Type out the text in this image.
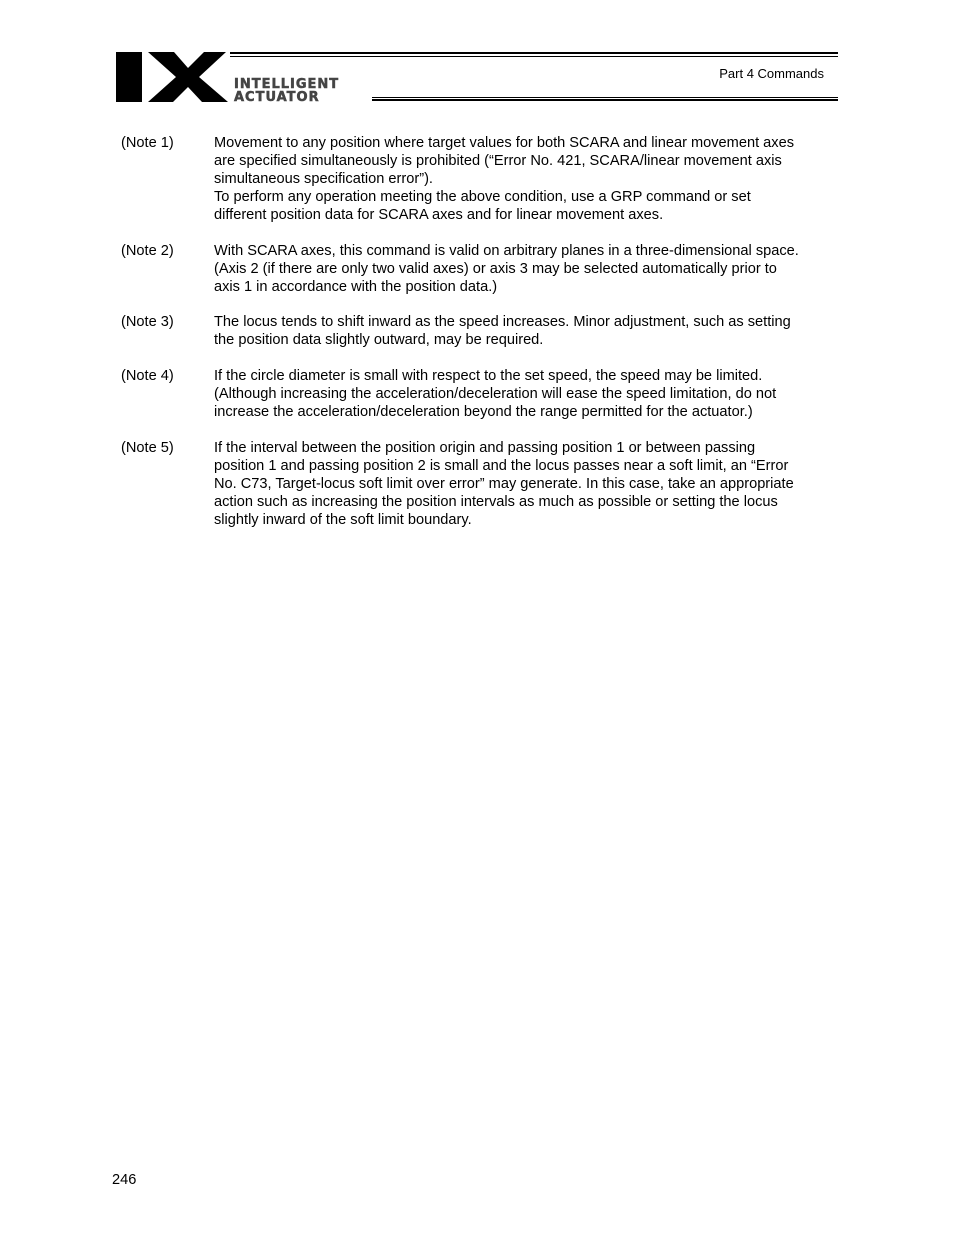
INTELLIGENT
ACTUATOR
Part 4 Commands
(Note 1)	Movement to any position where target values for both SCARA and linear movement axes
are specified simultaneously is prohibited (“Error No. 421, SCARA/linear movement axis
simultaneous specification error”).
To perform any operation meeting the above condition, use a GRP command or set
different position data for SCARA axes and for linear movement axes.
(Note 2)	With SCARA axes, this command is valid on arbitrary planes in a three-dimensional space.
(Axis 2 (if there are only two valid axes) or axis 3 may be selected automatically prior to
axis 1 in accordance with the position data.)
(Note 3)	The locus tends to shift inward as the speed increases. Minor adjustment, such as setting
the position data slightly outward, may be required.
(Note 4)	If the circle diameter is small with respect to the set speed, the speed may be limited.
(Although increasing the acceleration/deceleration will ease the speed limitation, do not
increase the acceleration/deceleration beyond the range permitted for the actuator.)
(Note 5)	If the interval between the position origin and passing position 1 or between passing
position 1 and passing position 2 is small and the locus passes near a soft limit, an “Error
No. C73, Target-locus soft limit over error” may generate. In this case, take an appropriate
action such as increasing the position intervals as much as possible or setting the locus
slightly inward of the soft limit boundary.
246
